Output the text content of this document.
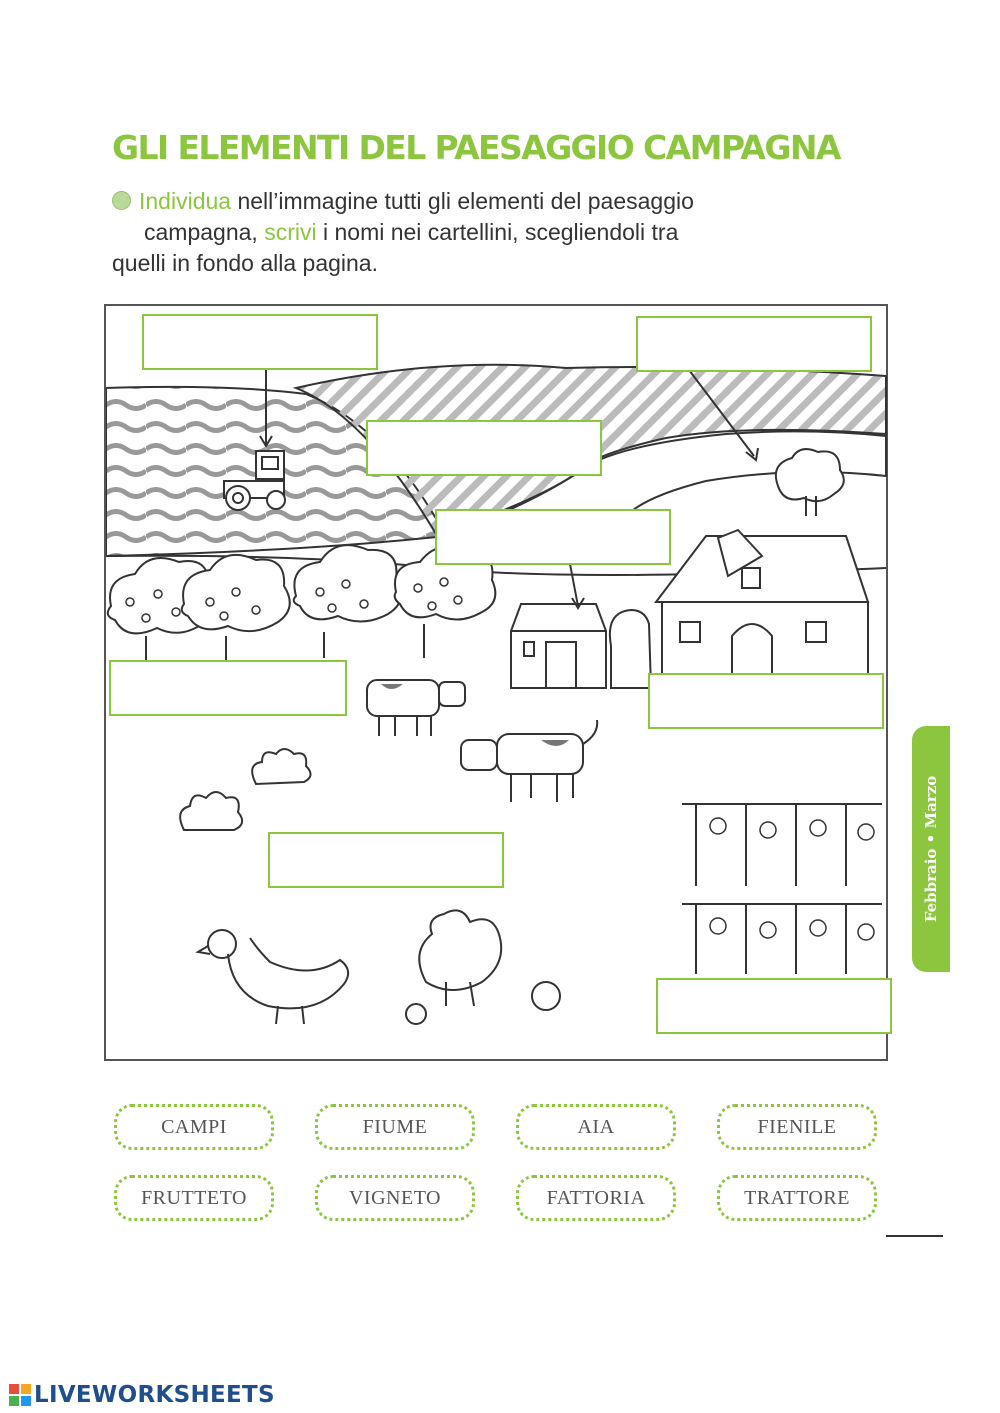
GLI ELEMENTI DEL PAESAGGIO CAMPAGNA
Individua nell’immagine tutti gli elementi del paesaggio
campagna, scrivi i nomi nei cartellini, scegliendoli tra
quelli in fondo alla pagina.
Febbraio • Marzo
CAMPI	FIUME	AIA	FIENILE
FRUTTETO	VIGNETO	FATTORIA	TRATTORE
LIVEWORKSHEETS
